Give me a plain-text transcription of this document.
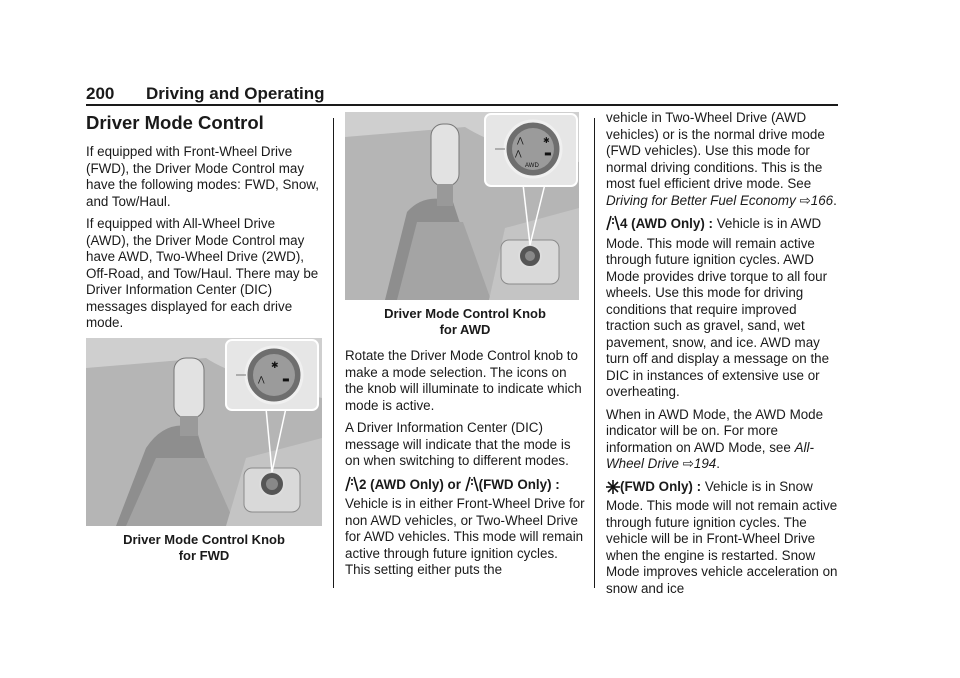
200 Driving and Operating
Driver Mode Control

If equipped with Front-Wheel Drive (FWD), the Driver Mode Control may have the following modes: FWD, Snow, and Tow/Haul.

If equipped with All-Wheel Drive (AWD), the Driver Mode Control may have AWD, Two-Wheel Drive (2WD), Off-Road, and Tow/Haul. There may be Driver Information Center (DIC) messages displayed for each drive mode.

✱
⋀ ▬
Driver Mode Control Knob
for FWD
⋀ ✱
⋀	▬
AWD
Driver Mode Control Knob
for AWD

Rotate the Driver Mode Control knob to make a mode selection. The icons on the knob will illuminate to indicate which mode is active.

A Driver Information Center (DIC) message will indicate that the mode is on when switching to different modes.

2 (AWD Only) or (FWD Only) : Vehicle is in either Front-Wheel Drive for non AWD vehicles, or Two-Wheel Drive for AWD vehicles. This mode will remain active through future ignition cycles. This setting either puts the

vehicle in Two-Wheel Drive (AWD vehicles) or is the normal drive mode (FWD vehicles). Use this mode for normal driving conditions. This is the most fuel efficient drive mode. See Driving for Better Fuel Economy ⇨166.

4 (AWD Only) : Vehicle is in AWD Mode. This mode will remain active through future ignition cycles. AWD Mode provides drive torque to all four wheels. Use this mode for driving conditions that require improved traction such as gravel, sand, wet pavement, snow, and ice. AWD may turn off and display a message on the DIC in instances of extensive use or overheating.

When in AWD Mode, the AWD Mode indicator will be on. For more information on AWD Mode, see All-Wheel Drive ⇨194.

(FWD Only) : Vehicle is in Snow Mode. This mode will not remain active through future ignition cycles. The vehicle will be in Front-Wheel Drive when the engine is restarted. Snow Mode improves vehicle acceleration on snow and ice
